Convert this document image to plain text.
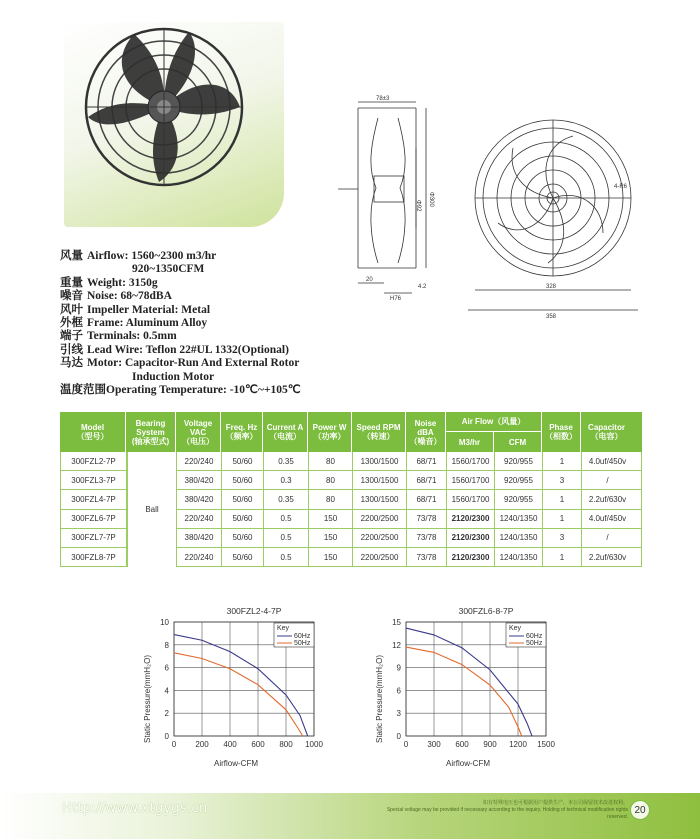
78±3
Φ300
Φ92
20
H76
4.2	328
358
4-R6
风量 Airflow: 1560~2300 m3/hr
920~1350CFM
重量 Weight: 3150g
噪音 Noise: 68~78dBA
风叶 Impeller Material: Metal
外框 Frame: Aluminum Alloy
端子 Terminals: 0.5mm
引线 Lead Wire: Teflon 22#UL 1332(Optional)
马达 Motor: Capacitor-Run And External Rotor
Induction Motor
温度范围 Operating Temperature: -10℃~+105℃
Model
（型号）
Bearing System
(轴承型式)
Voltage VAC
（电压）
Freq. Hz
（频率）
Current A
（电流）
Power W
（功率）
Speed RPM
（转速）
Noise dBA
（噪音）
Air Flow（风量）
M3/hr	CFM
Phase
（相数）
Capacitor
（电容）
Ball
300FZL2-7P	220/240	50/60	0.35	80	1300/1500	68/71	1560/1700	920/955	1	4.0uf/450v
300FZL3-7P	380/420	50/60	0.3	80	1300/1500	68/71	1560/1700	920/955	3	/
300FZL4-7P	380/420	50/60	0.35	80	1300/1500	68/71	1560/1700	920/955	1	2.2uf/630v
300FZL6-7P	220/240	50/60	0.5	150	2200/2500	73/78	2120/2300	1240/1350	1	4.0uf/450v
300FZL7-7P	380/420	50/60	0.5	150	2200/2500	73/78	2120/2300	1240/1350	3	/
300FZL8-7P	220/240	50/60	0.5	150	2200/2500	73/78	2120/2300	1240/1350	1	2.2uf/630v
300FZL2-4-7P
0 200 400 600 800 1000
0
2
4
6
8
10
Static Pressure(mmH₂O)
Airflow-CFM
Key
60Hz
50Hz
300FZL6-8-7P
0 300 600 900 1200 1500
0
3
6
9
12
15
Static Pressure(mmH₂O)
Airflow-CFM
Key
60Hz
50Hz
Http://www.xtgygs.cn	如有特殊电压也可根据用户提供生产，本公司保留技术改进权利。
Special voltage may be provided if necessary according to the inquiry. Holding of technical modification rights reserved.
20
